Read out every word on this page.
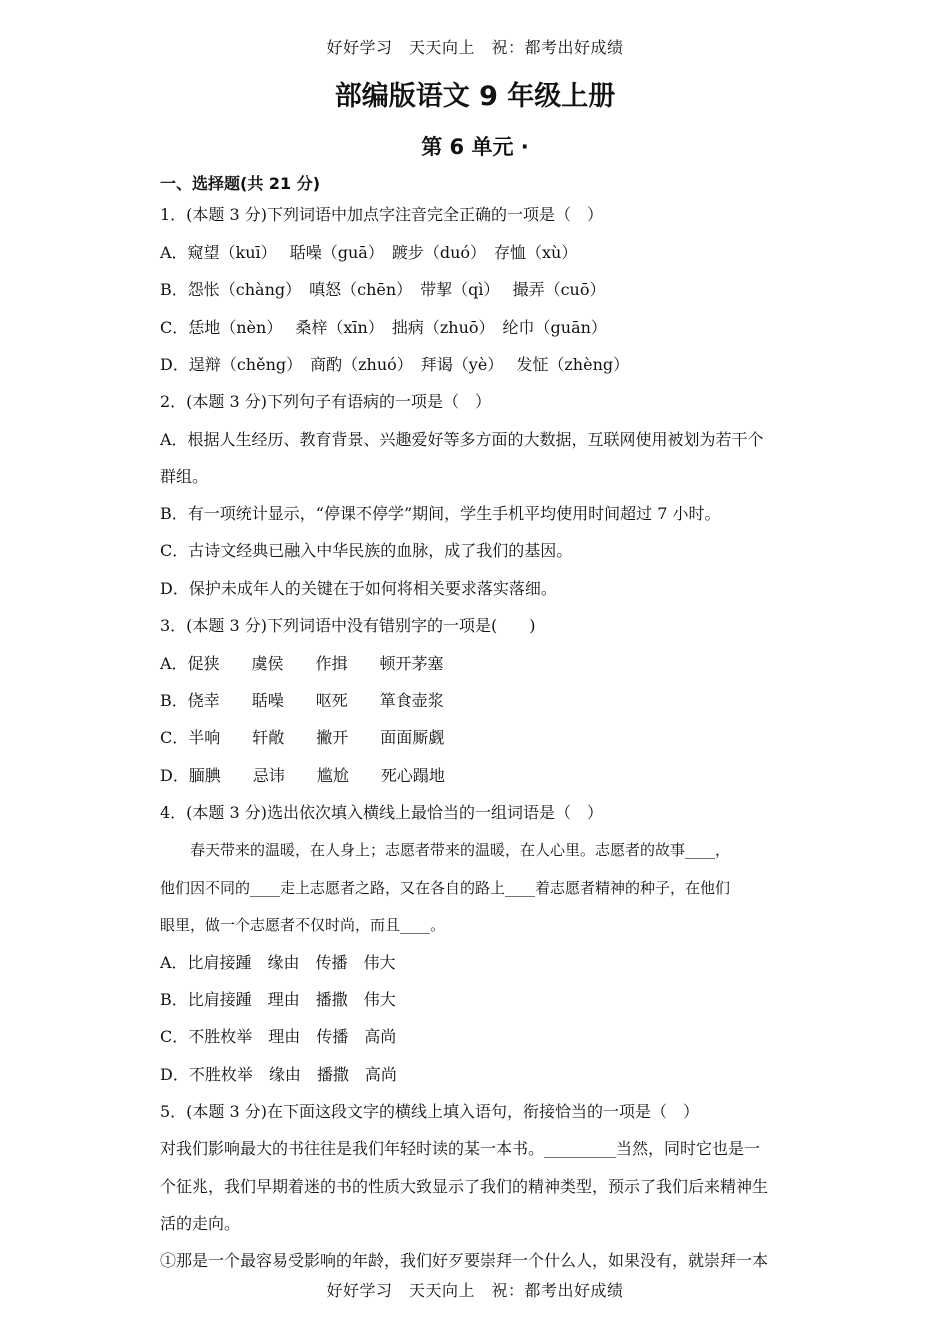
好好学习　天天向上　祝：都考出好成绩
部编版语文 9 年级上册
第 6 单元 ·
一、选择题(共 21 分)
1．(本题 3 分)下列词语中加点字注音完全正确的一项是（　）
A．窥望（kuī）　 聒噪（guā）　踱步（duó）　存恤（xù）
B．怨怅（chàng）　嗔怒（chēn）　带挈（qì）　 撮弄（cuō）
C．恁地（nèn）　 桑梓（xīn）　拙病（zhuō）　纶巾（guān）
D．逞辩（chěng）　商酌（zhuó）　拜谒（yè）　 发怔（zhèng）
2．(本题 3 分)下列句子有语病的一项是（　）
A．根据人生经历、教育背景、兴趣爱好等多方面的大数据，互联网使用被划为若干个
群组。
B．有一项统计显示，“停课不停学”期间，学生手机平均使用时间超过 7 小时。
C．古诗文经典已融入中华民族的血脉，成了我们的基因。
D．保护未成年人的关键在于如何将相关要求落实落细。
3．(本题 3 分)下列词语中没有错别字的一项是(　　)
A．促狭　　虞侯　　作揖　　顿开茅塞
B．侥幸　　聒噪　　呕死　　箪食壶浆
C．半响　　轩敞　　撇开　　面面厮觑
D．腼腆　　忌讳　　尴尬　　死心蹋地
4．(本题 3 分)选出依次填入横线上最恰当的一组词语是（　）
春天带来的温暖，在人身上；志愿者带来的温暖，在人心里。志愿者的故事____，
他们因不同的____走上志愿者之路，又在各自的路上____着志愿者精神的种子，在他们
眼里，做一个志愿者不仅时尚，而且____。
A．比肩接踵　缘由　传播　伟大
B．比肩接踵　理由　播撒　伟大
C．不胜枚举　理由　传播　高尚
D．不胜枚举　缘由　播撒　高尚
5．(本题 3 分)在下面这段文字的横线上填入语句，衔接恰当的一项是（　）
对我们影响最大的书往往是我们年轻时读的某一本书。_________当然，同时它也是一
个征兆，我们早期着迷的书的性质大致显示了我们的精神类型，预示了我们后来精神生
活的走向。
①那是一个最容易受影响的年龄，我们好歹要崇拜一个什么人，如果没有，就崇拜一本
好好学习　天天向上　祝：都考出好成绩
